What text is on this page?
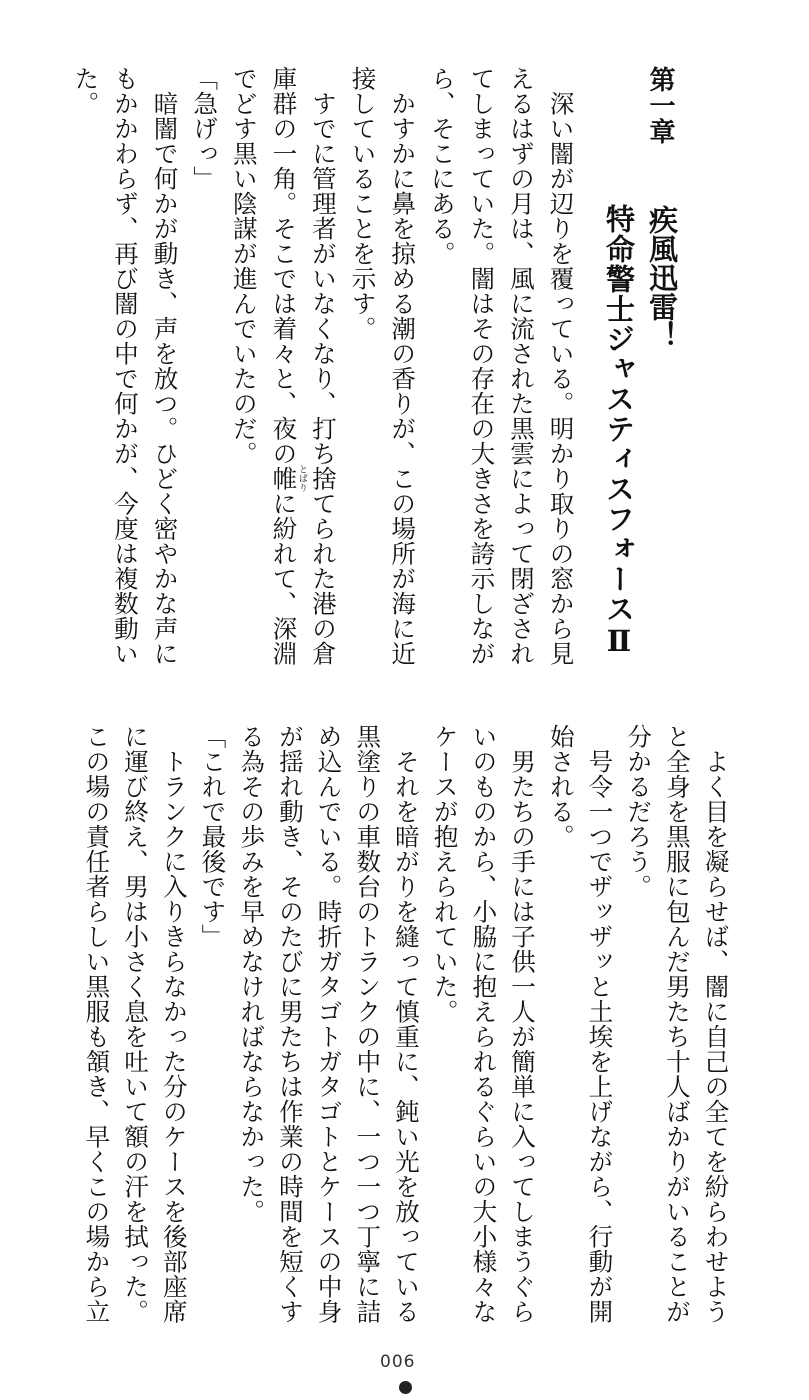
第一章
疾風迅雷！
特命警士ジャスティスフォースⅡ
　深い闇が辺りを覆っている。明かり取りの窓から見
えるはずの月は、風に流された黒雲によって閉ざされ
てしまっていた。闇はその存在の大きさを誇示しなが
ら、そこにある。
　かすかに鼻を掠める潮の香りが、この場所が海に近
接していることを示す。
　すでに管理者がいなくなり、打ち捨てられた港の倉
庫群の一角。そこでは着々と、夜の帷とばりに紛れて、深淵
でどす黒い陰謀が進んでいたのだ。
「急げっ」
　暗闇で何かが動き、声を放つ。ひどく密やかな声に
もかかわらず、再び闇の中で何かが、今度は複数動い
た。
　よく目を凝らせば、闇に自己の全てを紛らわせよう
と全身を黒服に包んだ男たち十人ばかりがいることが
分かるだろう。
　号令一つでザッザッと土埃を上げながら、行動が開
始される。
　男たちの手には子供一人が簡単に入ってしまうぐら
いのものから、小脇に抱えられるぐらいの大小様々な
ケースが抱えられていた。
　それを暗がりを縫って慎重に、鈍い光を放っている
黒塗りの車数台のトランクの中に、一つ一つ丁寧に詰
め込んでいる。時折ガタゴトガタゴトとケースの中身
が揺れ動き、そのたびに男たちは作業の時間を短くす
る為その歩みを早めなければならなかった。
「これで最後です」
　トランクに入りきらなかった分のケースを後部座席
に運び終え、男は小さく息を吐いて額の汗を拭った。
この場の責任者らしい黒服も頷き、早くこの場から立
006
